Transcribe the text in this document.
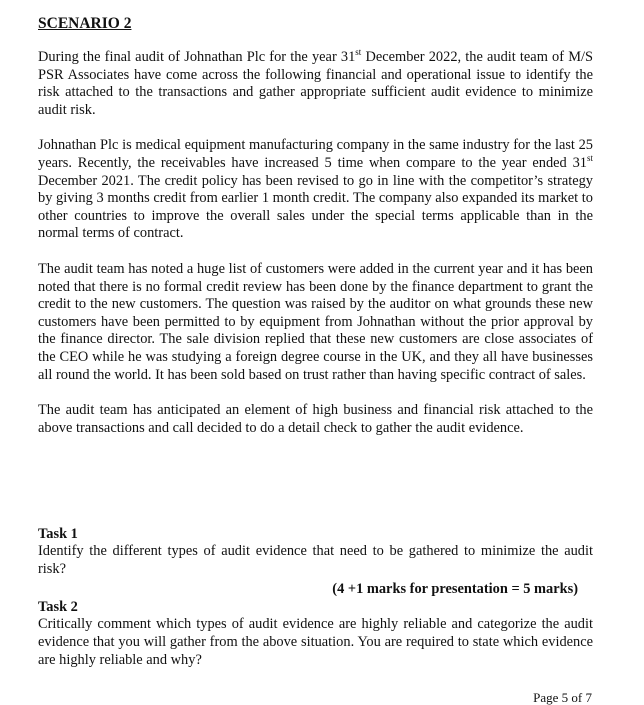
SCENARIO 2

During the final audit of Johnathan Plc for the year 31st December 2022, the audit team of M/S PSR Associates have come across the following financial and operational issue to identify the risk attached to the transactions and gather appropriate sufficient audit evidence to minimize audit risk.

Johnathan Plc is medical equipment manufacturing company in the same industry for the last 25 years. Recently, the receivables have increased 5 time when compare to the year ended 31st December 2021. The credit policy has been revised to go in line with the competitor’s strategy by giving 3 months credit from earlier 1 month credit. The company also expanded its market to other countries to improve the overall sales under the special terms applicable than in the normal terms of contract.

The audit team has noted a huge list of customers were added in the current year and it has been noted that there is no formal credit review has been done by the finance department to grant the credit to the new customers. The question was raised by the auditor on what grounds these new customers have been permitted to by equipment from Johnathan without the prior approval by the finance director. The sale division replied that these new customers are close associates of the CEO while he was studying a foreign degree course in the UK, and they all have businesses all round the world. It has been sold based on trust rather than having specific contract of sales.

The audit team has anticipated an element of high business and financial risk attached to the above transactions and call decided to do a detail check to gather the audit evidence.

Task 1
Identify the different types of audit evidence that need to be gathered to minimize the audit risk?
(4 +1 marks for presentation = 5 marks)
Task 2
Critically comment which types of audit evidence are highly reliable and categorize the audit evidence that you will gather from the above situation. You are required to state which evidence are highly reliable and why?
Page 5 of 7
